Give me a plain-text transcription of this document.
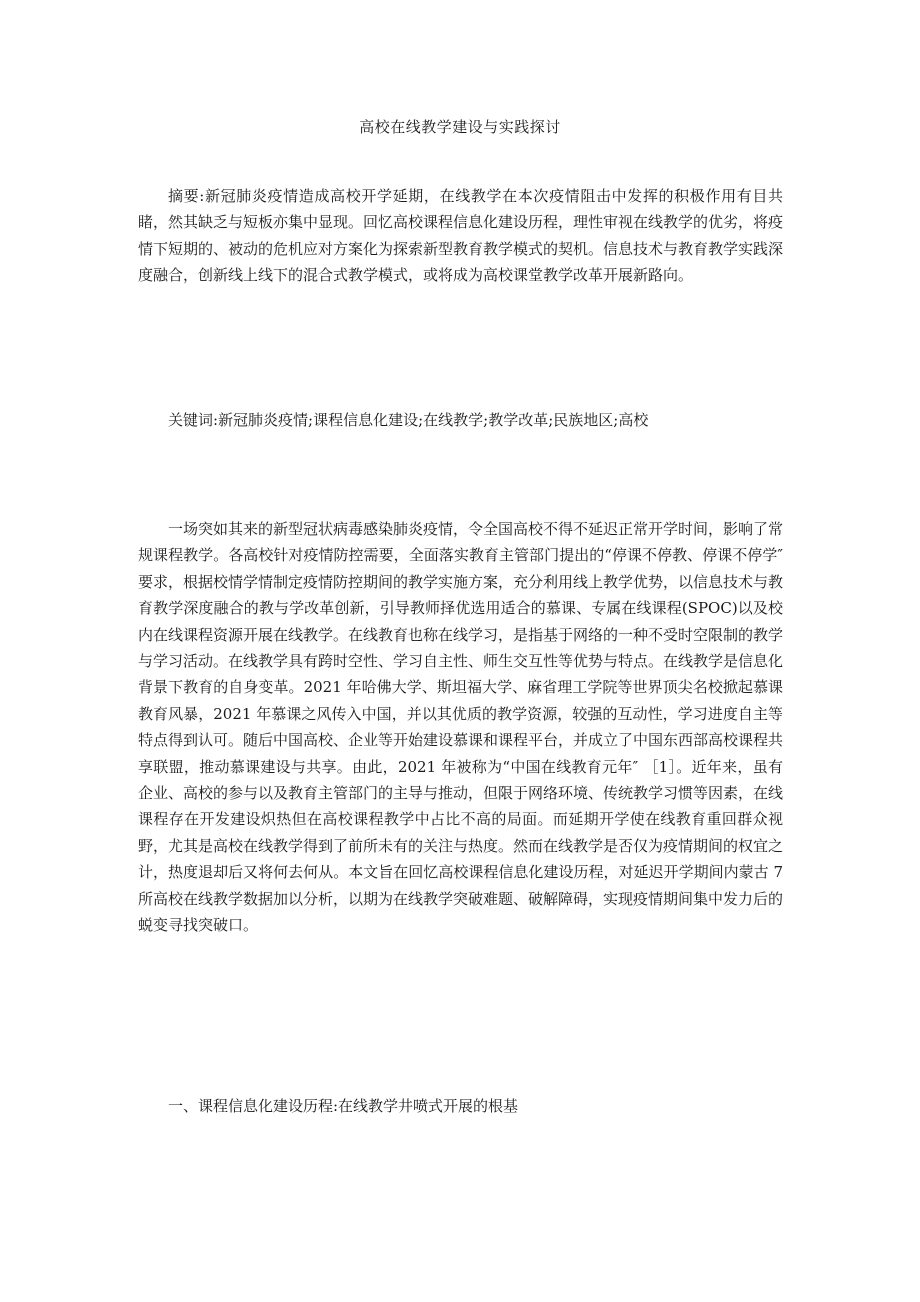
高校在线教学建设与实践探讨

摘要:新冠肺炎疫情造成高校开学延期，在线教学在本次疫情阻击中发挥的积极作用有目共睹，然其缺乏与短板亦集中显现。回忆高校课程信息化建设历程，理性审视在线教学的优劣，将疫情下短期的、被动的危机应对方案化为探索新型教育教学模式的契机。信息技术与教育教学实践深度融合，创新线上线下的混合式教学模式，或将成为高校课堂教学改革开展新路向。

关键词:新冠肺炎疫情;课程信息化建设;在线教学;教学改革;民族地区;高校

一场突如其来的新型冠状病毒感染肺炎疫情，令全国高校不得不延迟正常开学时间，影响了常规课程教学。各高校针对疫情防控需要，全面落实教育主管部门提出的“停课不停教、停课不停学″ 要求，根据校情学情制定疫情防控期间的教学实施方案，充分利用线上教学优势，以信息技术与教育教学深度融合的教与学改革创新，引导教师择优选用适合的慕课、专属在线课程(SPOC)以及校内在线课程资源开展在线教学。在线教育也称在线学习，是指基于网络的一种不受时空限制的教学与学习活动。在线教学具有跨时空性、学习自主性、师生交互性等优势与特点。在线教学是信息化背景下教育的自身变革。2021 年哈佛大学、斯坦福大学、麻省理工学院等世界顶尖名校掀起慕课教育风暴，2021 年慕课之风传入中国，并以其优质的教学资源，较强的互动性，学习进度自主等特点得到认可。随后中国高校、企业等开始建设慕课和课程平台，并成立了中国东西部高校课程共享联盟，推动慕课建设与共享。由此，2021 年被称为“中国在线教育元年″ ［1］。近年来，虽有企业、高校的参与以及教育主管部门的主导与推动，但限于网络环境、传统教学习惯等因素，在线课程存在开发建设炽热但在高校课程教学中占比不高的局面。而延期开学使在线教育重回群众视野，尤其是高校在线教学得到了前所未有的关注与热度。然而在线教学是否仅为疫情期间的权宜之计，热度退却后又将何去何从。本文旨在回忆高校课程信息化建设历程，对延迟开学期间内蒙古 7 所高校在线教学数据加以分析，以期为在线教学突破难题、破解障碍，实现疫情期间集中发力后的蜕变寻找突破口。

一、课程信息化建设历程:在线教学井喷式开展的根基
